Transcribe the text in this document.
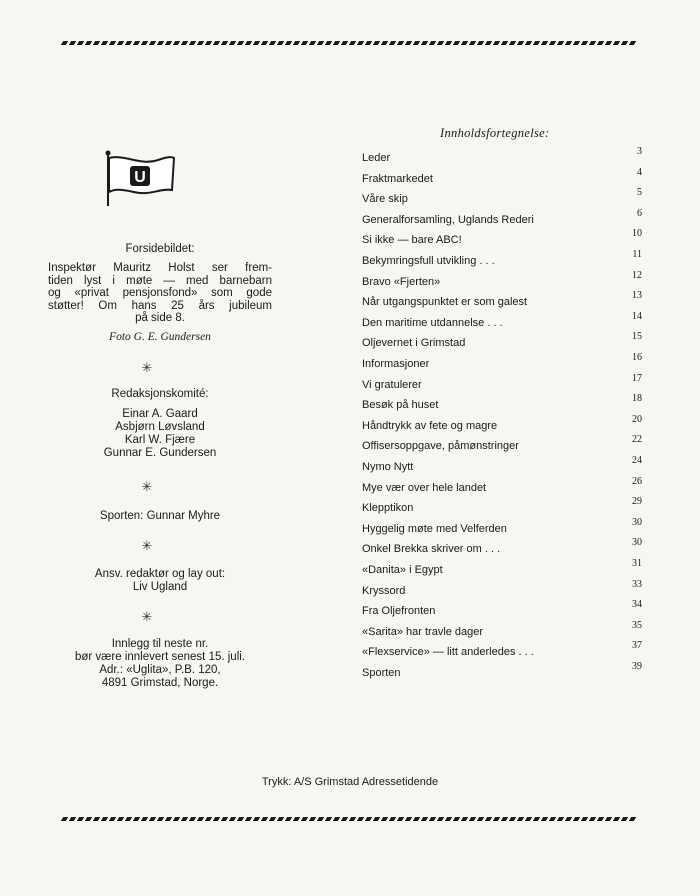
U
Forsidebildet:
Inspektør Mauritz Holst ser frem-
tiden lyst i møte — med barnebarn
og «privat pensjonsfond» som gode
støtter! Om hans 25 års jubileum
på side 8.
Foto G. E. Gundersen
✳
Redaksjonskomité:
Einar A. Gaard
Asbjørn Løvsland
Karl W. Fjære
Gunnar E. Gundersen
✳
Sporten: Gunnar Myhre
✳
Ansv. redaktør og lay out:
Liv Ugland
✳
Innlegg til neste nr.
bør være innlevert senest 15. juli.
Adr.: «Uglita», P.B. 120,
4891 Grimstad, Norge.
Innholdsfortegnelse:
Leder
3
Fraktmarkedet
4
Våre skip
5
Generalforsamling, Uglands Rederi
6
Si ikke — bare ABC!
10
Bekymringsfull utvikling . . .
11
Bravo «Fjerten»
12
Når utgangspunktet er som galest
13
Den maritime utdannelse . . .
14
Oljevernet i Grimstad
15
Informasjoner
16
Vi gratulerer
17
Besøk på huset
18
Håndtrykk av fete og magre
20
Offisersoppgave, påmønstringer
22
Nymo Nytt
24
Mye vær over hele landet
26
Klepptikon
29
Hyggelig møte med Velferden
30
Onkel Brekka skriver om . . .
30
«Danita» i Egypt
31
Kryssord
33
Fra Oljefronten
34
«Sarita» har travle dager
35
«Flexservice» — litt anderledes . . .
37
Sporten
39
Trykk: A/S Grimstad Adressetidende
